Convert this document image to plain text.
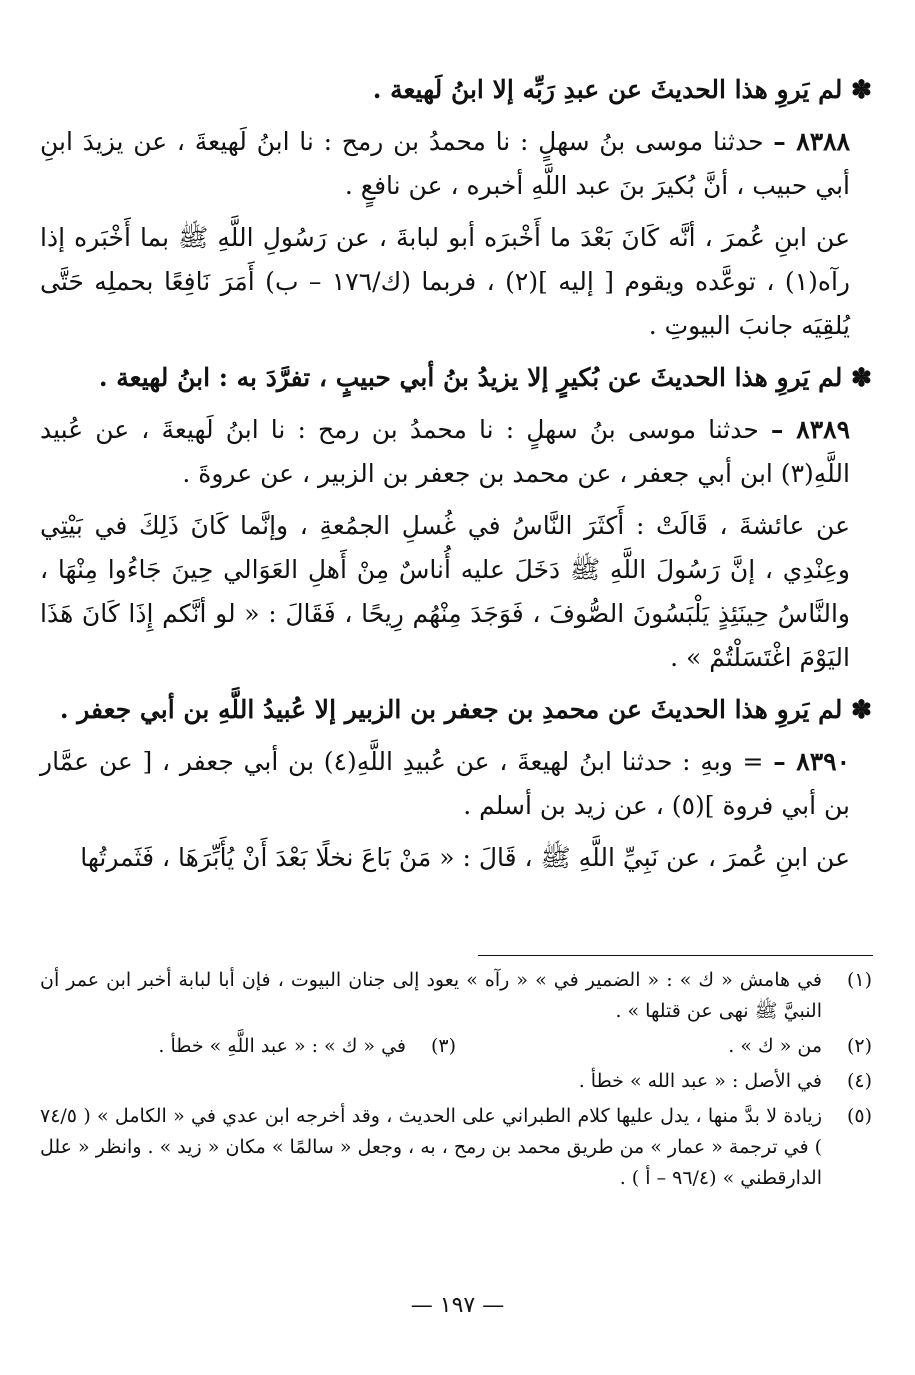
✽ لم يَروِ هذا الحديثَ عن عبدِ رَبِّه إلا ابنُ لَهيعة .

٨٣٨٨ – حدثنا موسى بنُ سهلٍ : نا محمدُ بن رمح : نا ابنُ لَهيعةَ ، عن يزيدَ ابنِ أبي حبيب ، أنَّ بُكيرَ بنَ عبد اللَّهِ أخبره ، عن نافعٍ .

عن ابنِ عُمرَ ، أنَّه كَانَ بَعْدَ ما أَخْبرَه أبو لبابةَ ، عن رَسُولِ اللَّهِ ﷺ بما أَخْبَره إذا رآه(١) ، توعَّده ويقوم [ إليه ](٢) ، فربما (ك/١٧٦ – ب) أَمَرَ نَافِعًا بحملِه حَتَّى يُلقِيَه جانبَ البيوتِ .

✽ لم يَروِ هذا الحديثَ عن بُكيرٍ إلا يزيدُ بنُ أبي حبيبٍ ، تفرَّدَ به : ابنُ لهيعة .

٨٣٨٩ – حدثنا موسى بنُ سهلٍ : نا محمدُ بن رمح : نا ابنُ لَهيعةَ ، عن عُبيد اللَّهِ(٣) ابن أبي جعفر ، عن محمد بن جعفر بن الزبير ، عن عروةَ .

عن عائشةَ ، قَالَتْ : أَكثَرَ النَّاسُ في غُسلِ الجمُعةِ ، وإنَّما كَانَ ذَلِكَ في بَيْتِي وعِنْدِي ، إنَّ رَسُولَ اللَّهِ ﷺ دَخَلَ عليه أُناسٌ مِنْ أَهلِ العَوَالي حِينَ جَاءُوا مِنْهَا ، والنَّاسُ حِينَئِذٍ يَلْبَسُونَ الصُّوفَ ، فَوَجَدَ مِنْهُم رِيحًا ، فَقَالَ : « لو أنَّكم إِذَا كَانَ هَذَا اليَوْمَ اغْتَسَلْتُمْ » .

✽ لم يَروِ هذا الحديثَ عن محمدِ بن جعفر بن الزبير إلا عُبيدُ اللَّهِ بن أبي جعفر .

٨٣٩٠ – = وبهِ : حدثنا ابنُ لهيعةَ ، عن عُبيدِ اللَّهِ(٤) بن أبي جعفر ، [ عن عمَّار بن أبي فروة ](٥) ، عن زيد بن أسلم .

عن ابنِ عُمرَ ، عن نَبِيِّ اللَّهِ ﷺ ، قَالَ : « مَنْ بَاعَ نخلًا بَعْدَ أَنْ يُأَبِّرَهَا ، فَثَمرتُها

(١)
في هامش « ك » : « الضمير في » « رآه » يعود إلى جنان البيوت ، فإن أبا لبابة أخبر ابن عمر أن النبيَّ ﷺ نهى عن قتلها » .
(٢)
من « ك » .
(٣)
في « ك » : « عبد اللَّهِ » خطأ .
(٤)
في الأصل : « عبد الله » خطأ .
(٥)
زيادة لا بدَّ منها ، يدل عليها كلام الطبراني على الحديث ، وقد أخرجه ابن عدي في « الكامل » ( ٧٤/٥ ) في ترجمة « عمار » من طريق محمد بن رمح ، به ، وجعل « سالمًا » مكان « زيد » . وانظر « علل الدارقطني » (٩٦/٤ – أ ) .
— ١٩٧ —
